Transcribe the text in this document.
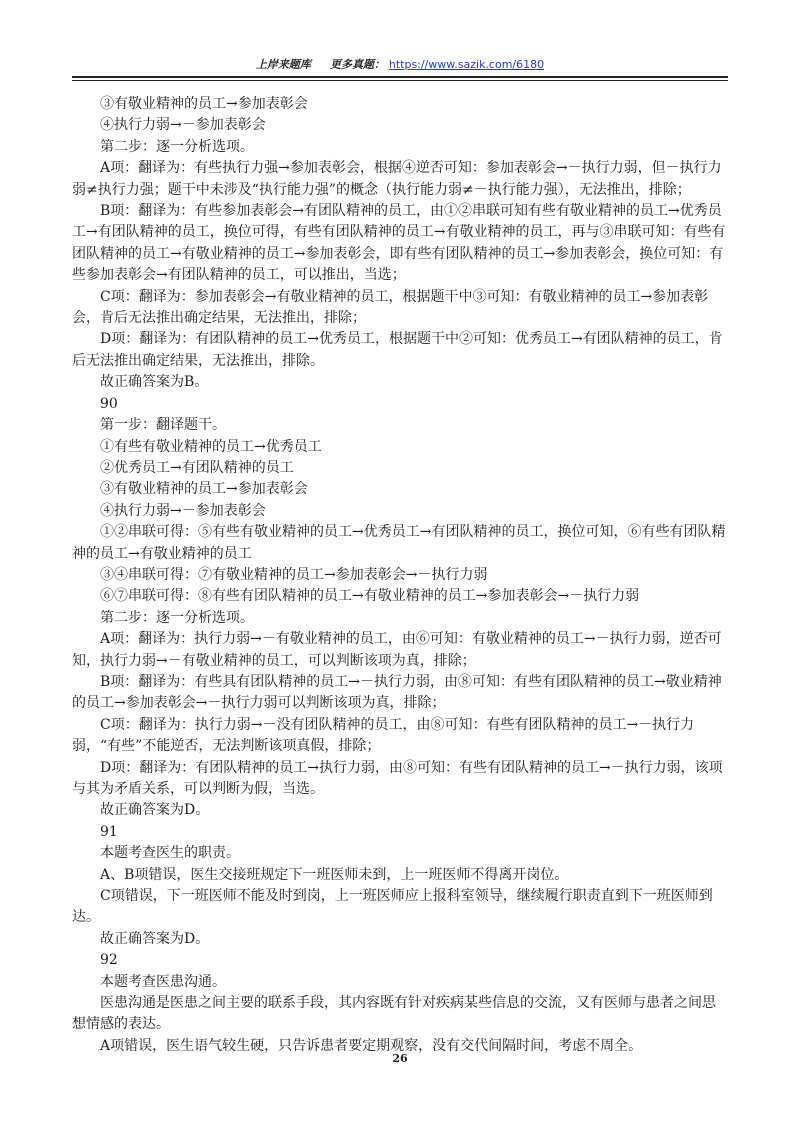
上岸来题库 更多真题： https://www.sazik.com/6180

③有敬业精神的员工→参加表彰会

④执行力弱→－参加表彰会

第二步：逐一分析选项。

A项：翻译为：有些执行力强→参加表彰会，根据④逆否可知：参加表彰会→－执行力弱，但－执行力弱≠执行力强；题干中未涉及“执行能力强”的概念（执行能力弱≠－执行能力强），无法推出，排除；

B项：翻译为：有些参加表彰会→有团队精神的员工，由①②串联可知有些有敬业精神的员工→优秀员工→有团队精神的员工，换位可得，有些有团队精神的员工→有敬业精神的员工，再与③串联可知：有些有团队精神的员工→有敬业精神的员工→参加表彰会，即有些有团队精神的员工→参加表彰会，换位可知：有些参加表彰会→有团队精神的员工，可以推出，当选；

C项：翻译为：参加表彰会→有敬业精神的员工，根据题干中③可知：有敬业精神的员工→参加表彰会，肯后无法推出确定结果，无法推出，排除；

D项：翻译为：有团队精神的员工→优秀员工，根据题干中②可知：优秀员工→有团队精神的员工，肯后无法推出确定结果，无法推出，排除。

故正确答案为B。

90

第一步：翻译题干。

①有些有敬业精神的员工→优秀员工

②优秀员工→有团队精神的员工

③有敬业精神的员工→参加表彰会

④执行力弱→－参加表彰会

①②串联可得：⑤有些有敬业精神的员工→优秀员工→有团队精神的员工，换位可知，⑥有些有团队精神的员工→有敬业精神的员工

③④串联可得：⑦有敬业精神的员工→参加表彰会→－执行力弱

⑥⑦串联可得：⑧有些有团队精神的员工→有敬业精神的员工→参加表彰会→－执行力弱

第二步：逐一分析选项。

A项：翻译为：执行力弱→－有敬业精神的员工，由⑥可知：有敬业精神的员工→－执行力弱，逆否可知，执行力弱→－有敬业精神的员工，可以判断该项为真，排除；

B项：翻译为：有些具有团队精神的员工→－执行力弱，由⑧可知：有些有团队精神的员工→敬业精神的员工→参加表彰会→－执行力弱可以判断该项为真，排除；

C项：翻译为：执行力弱→－没有团队精神的员工，由⑧可知：有些有团队精神的员工→－执行力弱，“有些”不能逆否，无法判断该项真假，排除；

D项：翻译为：有团队精神的员工→执行力弱，由⑧可知：有些有团队精神的员工→－执行力弱，该项与其为矛盾关系，可以判断为假，当选。

故正确答案为D。

91

本题考查医生的职责。

A、B项错误，医生交接班规定下一班医师未到，上一班医师不得离开岗位。

C项错误，下一班医师不能及时到岗，上一班医师应上报科室领导，继续履行职责直到下一班医师到达。

故正确答案为D。

92

本题考查医患沟通。

医患沟通是医患之间主要的联系手段，其内容既有针对疾病某些信息的交流，又有医师与患者之间思想情感的表达。

A项错误，医生语气较生硬，只告诉患者要定期观察，没有交代间隔时间，考虑不周全。

26
